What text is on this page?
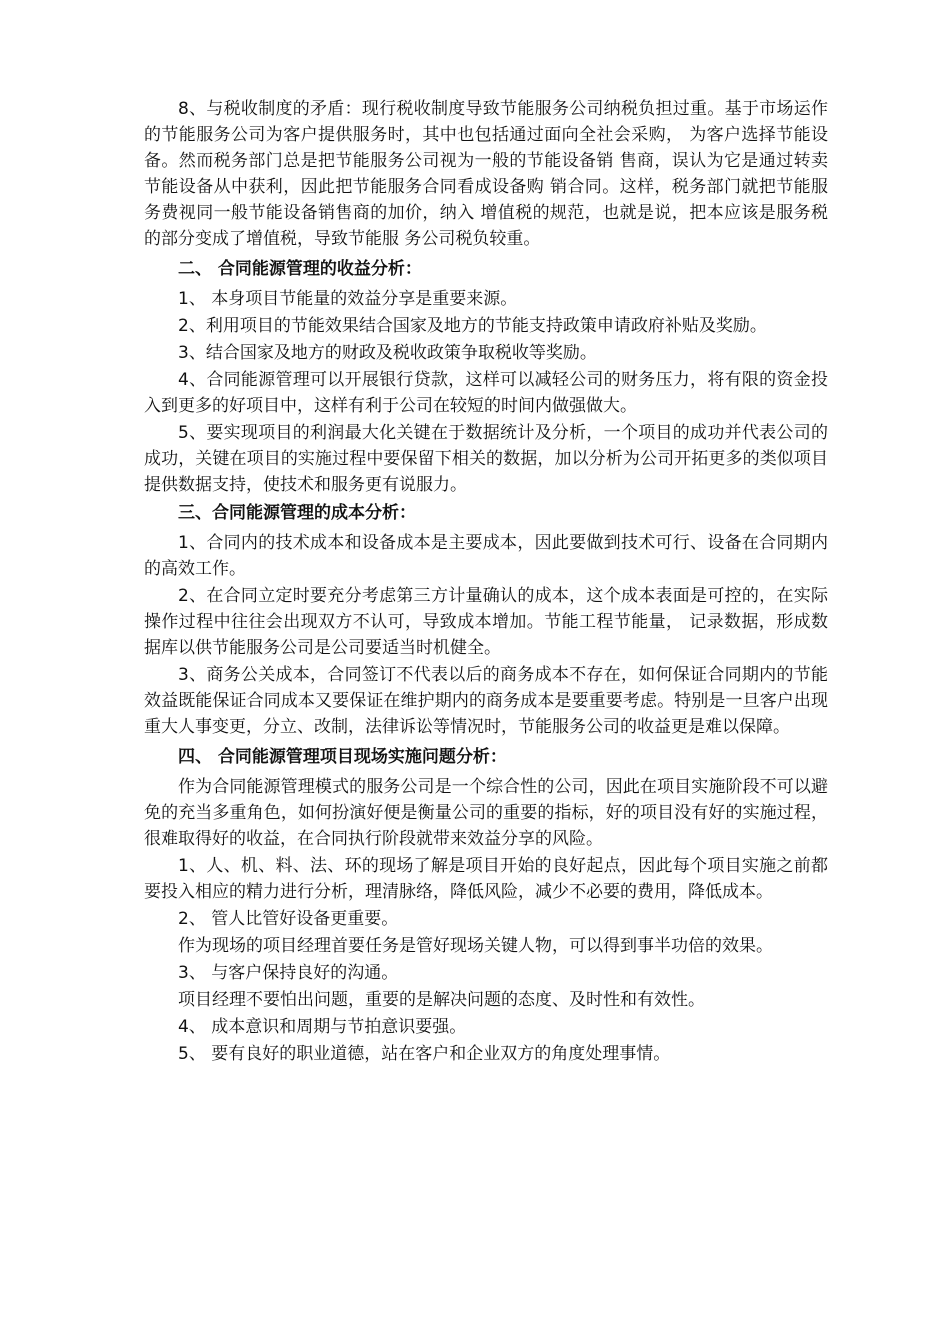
8、与税收制度的矛盾：现行税收制度导致节能服务公司纳税负担过重。基于市场运作的节能服务公司为客户提供服务时，其中也包括通过面向全社会采购， 为客户选择节能设备。然而税务部门总是把节能服务公司视为一般的节能设备销 售商，误认为它是通过转卖节能设备从中获利，因此把节能服务合同看成设备购 销合同。这样，税务部门就把节能服务费视同一般节能设备销售商的加价，纳入 增值税的规范，也就是说，把本应该是服务税的部分变成了增值税，导致节能服 务公司税负较重。

二、 合同能源管理的收益分析：

1、 本身项目节能量的效益分享是重要来源。

2、利用项目的节能效果结合国家及地方的节能支持政策申请政府补贴及奖励。

3、结合国家及地方的财政及税收政策争取税收等奖励。

4、合同能源管理可以开展银行贷款，这样可以减轻公司的财务压力，将有限的资金投入到更多的好项目中，这样有利于公司在较短的时间内做强做大。

5、要实现项目的利润最大化关键在于数据统计及分析，一个项目的成功并代表公司的成功，关键在项目的实施过程中要保留下相关的数据，加以分析为公司开拓更多的类似项目提供数据支持，使技术和服务更有说服力。

三、合同能源管理的成本分析：

1、合同内的技术成本和设备成本是主要成本，因此要做到技术可行、设备在合同期内的高效工作。

2、在合同立定时要充分考虑第三方计量确认的成本，这个成本表面是可控的，在实际操作过程中往往会出现双方不认可，导致成本增加。节能工程节能量， 记录数据，形成数据库以供节能服务公司是公司要适当时机健全。

3、商务公关成本，合同签订不代表以后的商务成本不存在，如何保证合同期内的节能效益既能保证合同成本又要保证在维护期内的商务成本是要重要考虑。特别是一旦客户出现重大人事变更，分立、改制，法律诉讼等情况时，节能服务公司的收益更是难以保障。

四、 合同能源管理项目现场实施问题分析：

作为合同能源管理模式的服务公司是一个综合性的公司，因此在项目实施阶段不可以避免的充当多重角色，如何扮演好便是衡量公司的重要的指标，好的项目没有好的实施过程，很难取得好的收益，在合同执行阶段就带来效益分享的风险。

1、人、机、料、法、环的现场了解是项目开始的良好起点，因此每个项目实施之前都要投入相应的精力进行分析，理清脉络，降低风险，减少不必要的费用，降低成本。

2、 管人比管好设备更重要。

作为现场的项目经理首要任务是管好现场关键人物，可以得到事半功倍的效果。

3、 与客户保持良好的沟通。

项目经理不要怕出问题，重要的是解决问题的态度、及时性和有效性。

4、 成本意识和周期与节拍意识要强。

5、 要有良好的职业道德，站在客户和企业双方的角度处理事情。
